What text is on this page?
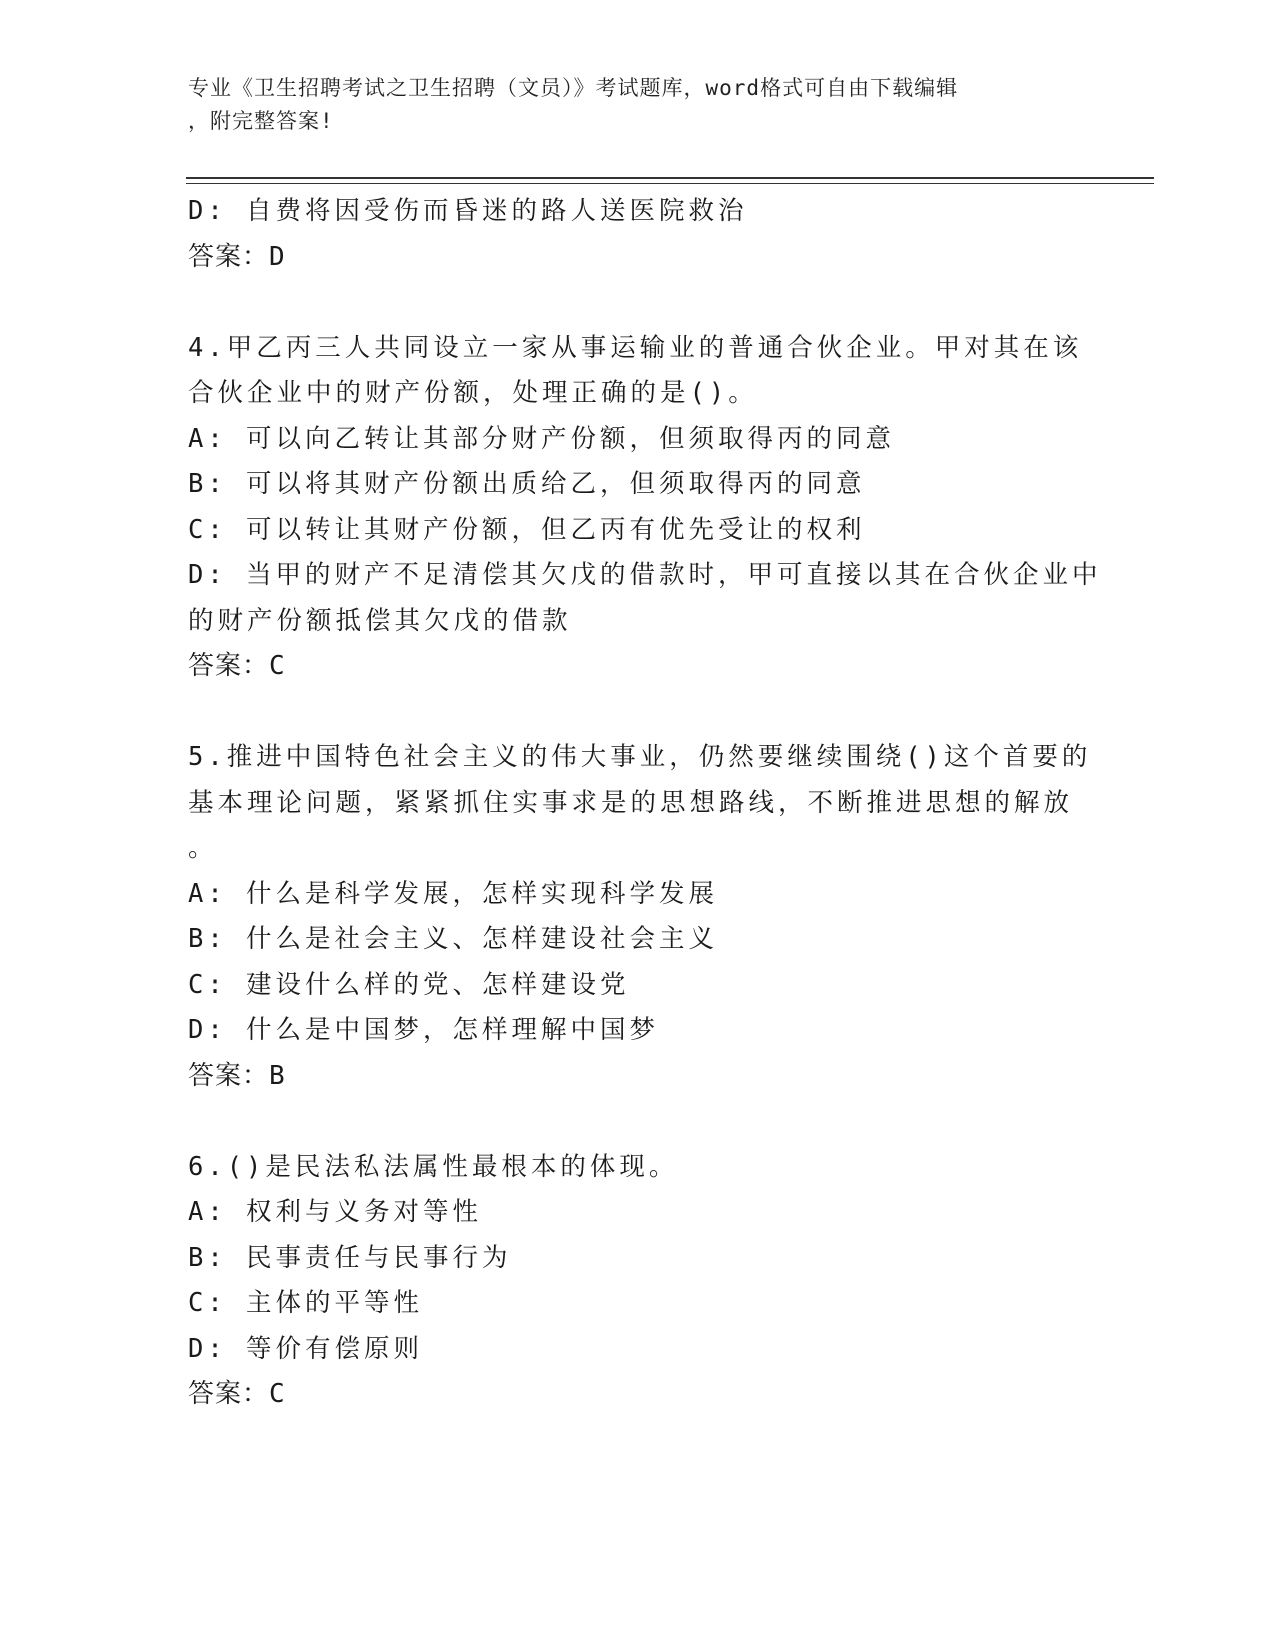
专业《卫生招聘考试之卫生招聘（文员）》考试题库，word格式可自由下载编辑
，附完整答案!
D: 自费将因受伤而昏迷的路人送医院救治
答案：D
4.甲乙丙三人共同设立一家从事运输业的普通合伙企业。甲对其在该
合伙企业中的财产份额，处理正确的是()。
A: 可以向乙转让其部分财产份额，但须取得丙的同意
B: 可以将其财产份额出质给乙，但须取得丙的同意
C: 可以转让其财产份额，但乙丙有优先受让的权利
D: 当甲的财产不足清偿其欠戊的借款时，甲可直接以其在合伙企业中
的财产份额抵偿其欠戊的借款
答案：C
5.推进中国特色社会主义的伟大事业，仍然要继续围绕()这个首要的
基本理论问题，紧紧抓住实事求是的思想路线，不断推进思想的解放
。
A: 什么是科学发展，怎样实现科学发展
B: 什么是社会主义、怎样建设社会主义
C: 建设什么样的党、怎样建设党
D: 什么是中国梦，怎样理解中国梦
答案：B
6.()是民法私法属性最根本的体现。
A: 权利与义务对等性
B: 民事责任与民事行为
C: 主体的平等性
D: 等价有偿原则
答案：C
